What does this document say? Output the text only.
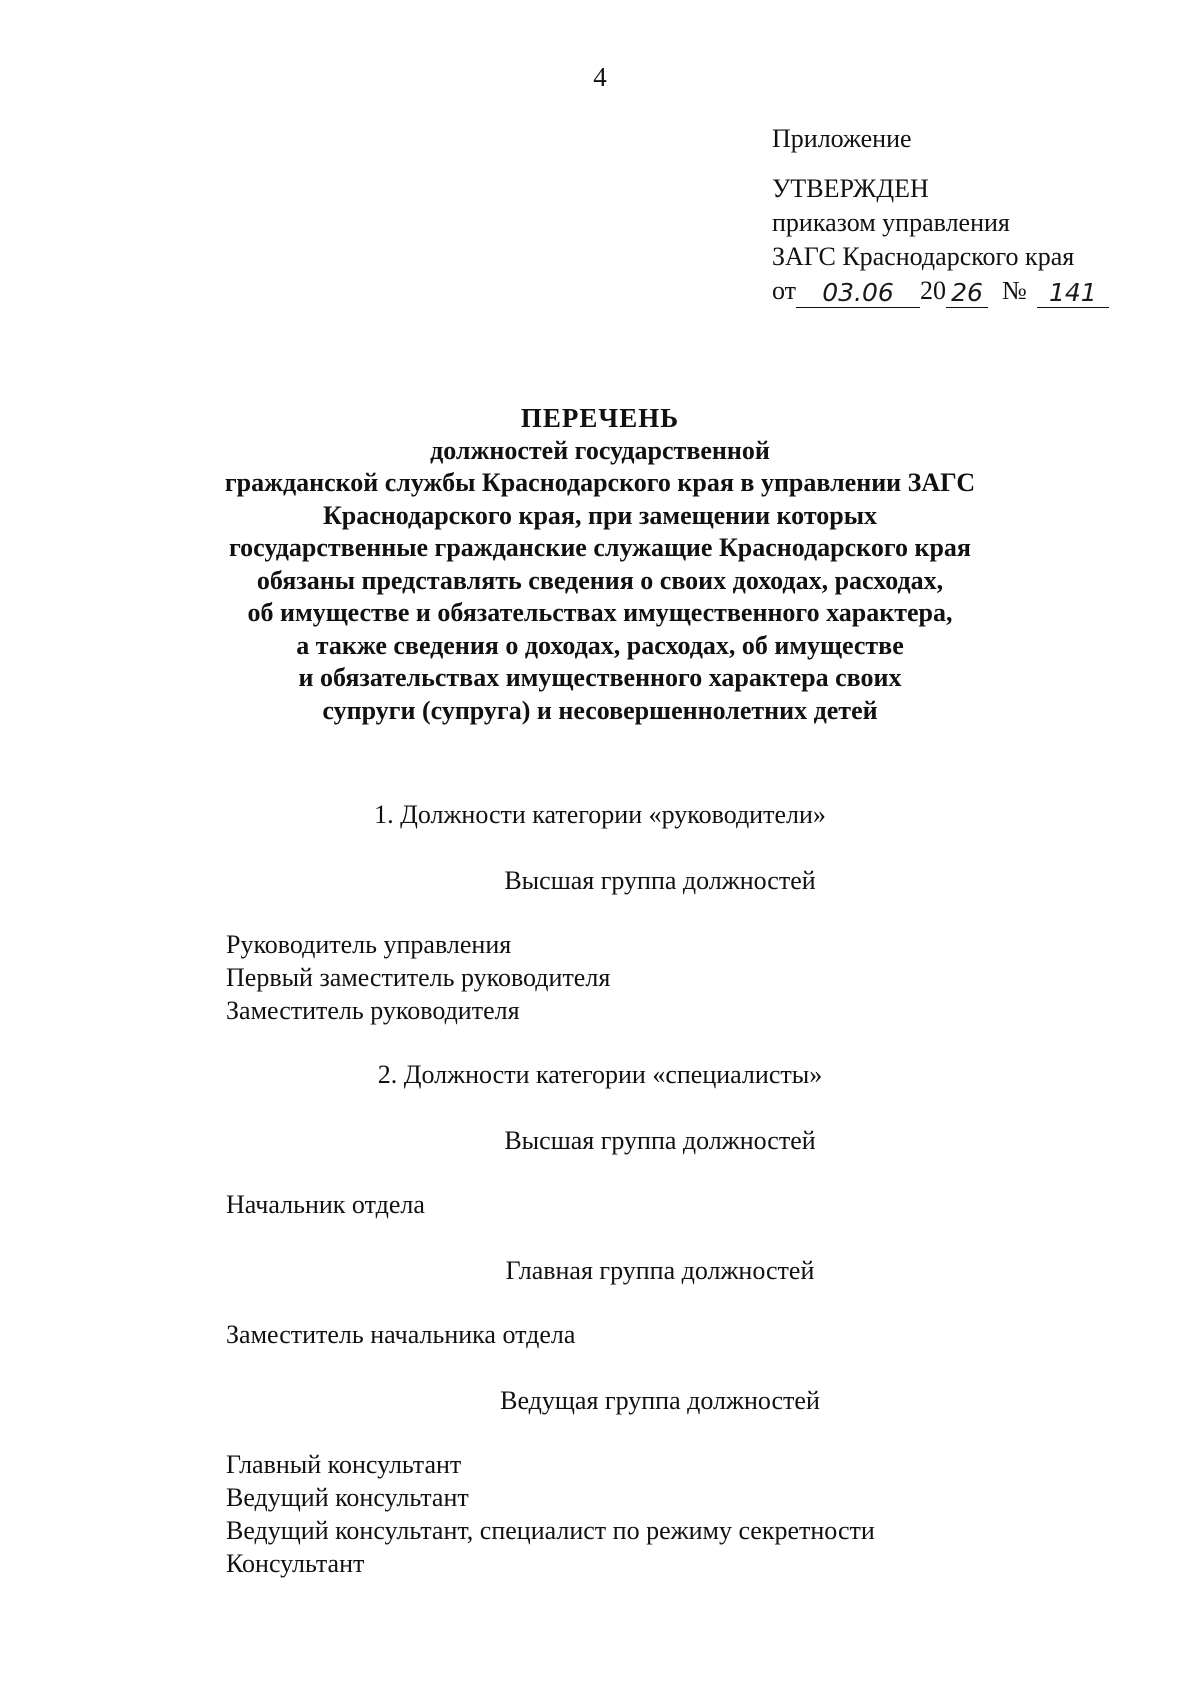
4
Приложение
УТВЕРЖДЕН
приказом управления
ЗАГС Краснодарского края
от	03.06	20 26 № 141
ПЕРЕЧЕНЬ
должностей государственной
гражданской службы Краснодарского края в управлении ЗАГС
Краснодарского края, при замещении которых
государственные гражданские служащие Краснодарского края
обязаны представлять сведения о своих доходах, расходах,
об имуществе и обязательствах имущественного характера,
а также сведения о доходах, расходах, об имуществе
и обязательствах имущественного характера своих
супруги (супруга) и несовершеннолетних детей
1. Должности категории «руководители»
Высшая группа должностей
Руководитель управления
Первый заместитель руководителя
Заместитель руководителя
2. Должности категории «специалисты»
Высшая группа должностей
Начальник отдела
Главная группа должностей
Заместитель начальника отдела
Ведущая группа должностей
Главный консультант
Ведущий консультант
Ведущий консультант, специалист по режиму секретности
Консультант
